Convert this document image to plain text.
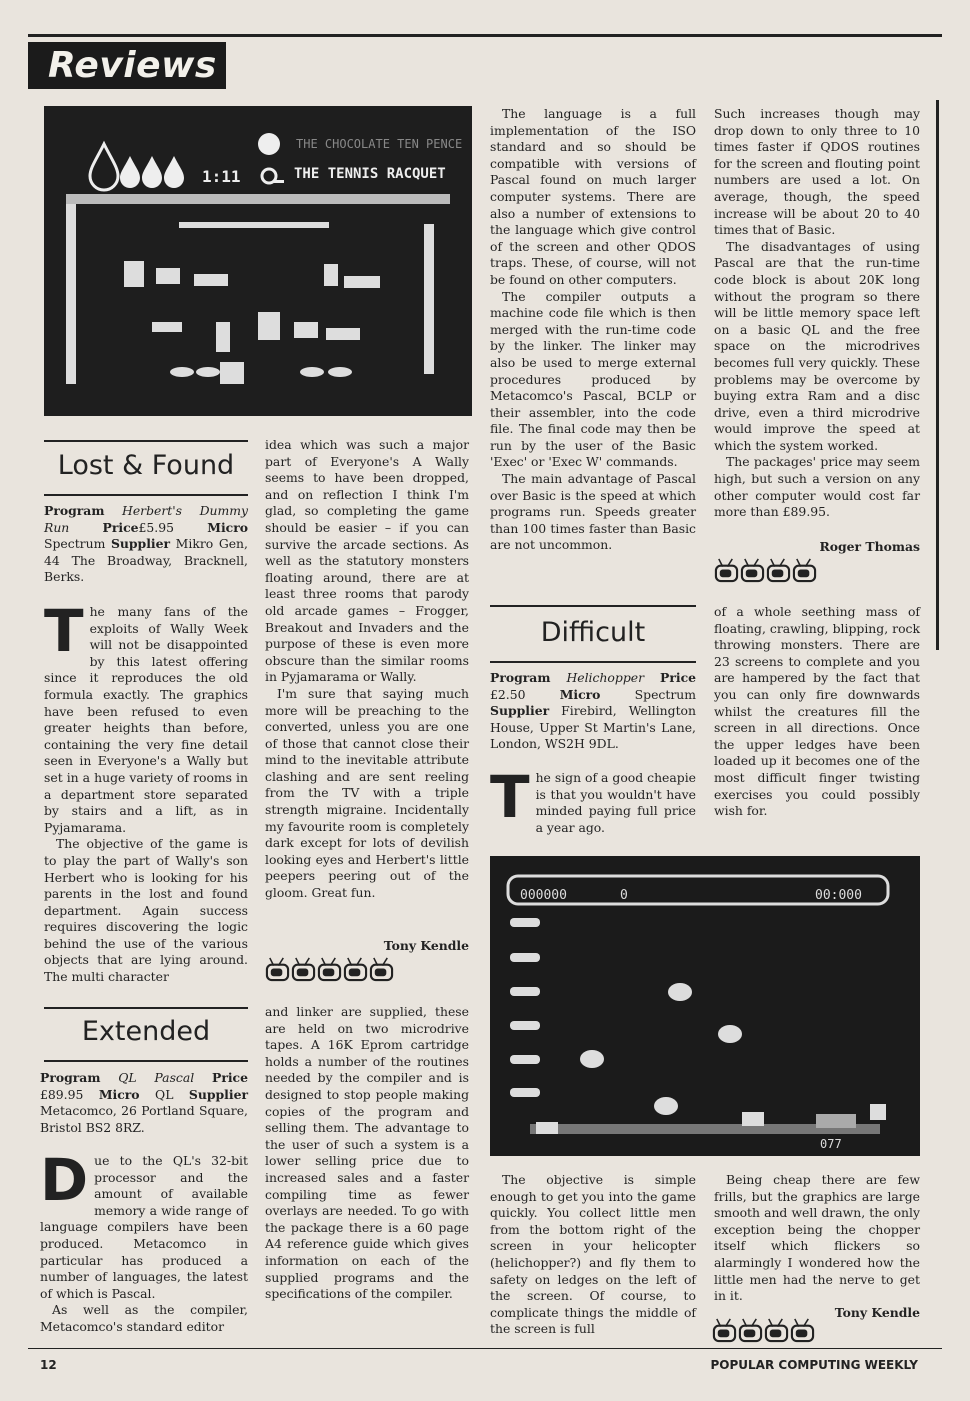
Reviews
1:11
THE CHOCOLATE TEN PENCE
THE TENNIS RACQUET
Lost & Found
Program Herbert's Dummy Run	Price£5.95	Micro Spectrum Supplier Mikro Gen, 44 The Broadway, Bracknell, Berks.

The many fans of the exploits of Wally Week will not be disappointed by this latest offering since it reproduces the old formula exactly. The graphics have been refused to even greater heights than before, containing the very fine detail seen in Everyone's a Wally but set in a huge variety of rooms in a department store separated by stairs and a lift, as in Pyjamarama.

The objective of the game is to play the part of Wally's son Herbert who is looking for his parents in the lost and found department. Again success requires discovering the logic behind the use of the various objects that are lying around. The multi character

idea which was such a major part of Everyone's A Wally seems to have been dropped, and on reflection I think I'm glad, so completing the game should be easier – if you can survive the arcade sections. As well as the statutory monsters floating around, there are at least three rooms that parody old arcade games – Frogger, Breakout and Invaders and the purpose of these is even more obscure than the similar rooms in Pyjamarama or Wally.

I'm sure that saying much more will be preaching to the converted, unless you are one of those that cannot close their mind to the inevitable attribute clashing and are sent reeling from the TV with a triple strength migraine. Incidentally my favourite room is completely dark except for lots of devilish looking eyes and Herbert's little peepers peering out of the gloom. Great fun.

Tony Kendle
Extended
Program QL Pascal Price £89.95 Micro QL Supplier Metacomco, 26 Portland Square, Bristol BS2 8RZ.

Due to the QL's 32-bit processor and the amount of available memory a wide range of language compilers have been produced. Metacomco in particular has produced a number of languages, the latest of which is Pascal.

As well as the compiler, Metacomco's standard editor

and linker are supplied, these are held on two microdrive tapes. A 16K Eprom cartridge holds a number of the routines needed by the compiler and is designed to stop people making copies of the program and selling them. The advantage to the user of such a system is a lower selling price due to increased sales and a faster compiling time as fewer overlays are needed. To go with the package there is a 60 page A4 reference guide which gives information on each of the supplied programs and the specifications of the compiler.

The language is a full implementation of the ISO standard and so should be compatible with versions of Pascal found on much larger computer systems. There are also a number of extensions to the language which give control of the screen and other QDOS traps. These, of course, will not be found on other computers.

The compiler outputs a machine code file which is then merged with the run-time code by the linker. The linker may also be used to merge external procedures produced by Metacomco's Pascal, BCLP or their assembler, into the code file. The final code may then be run by the user of the Basic 'Exec' or 'Exec W' commands.

The main advantage of Pascal over Basic is the speed at which programs run. Speeds greater than 100 times faster than Basic are not uncommon.

Such increases though may drop down to only three to 10 times faster if QDOS routines for the screen and flouting point numbers are used a lot. On average, though, the speed increase will be about 20 to 40 times that of Basic.

The disadvantages of using Pascal are that the run-time code block is about 20K long without the program so there will be little memory space left on a basic QL and the free space on the microdrives becomes full very quickly. These problems may be overcome by buying extra Ram and a disc drive, even a third microdrive would improve the speed at which the system worked.

The packages' price may seem high, but such a version on any other computer would cost far more than £89.95.

Roger Thomas
Difficult
Program Helichopper Price £2.50	Micro	Spectrum Supplier Firebird, Wellington House, Upper St Martin's Lane, London, WS2H 9DL.

The sign of a good cheapie is that you wouldn't have minded paying full price a year ago.

of a whole seething mass of floating, crawling, blipping, rock throwing monsters. There are 23 screens to complete and you are hampered by the fact that you can only fire downwards whilst the creatures fill the screen in all directions. Once the upper ledges have been loaded up it becomes one of the most difficult finger twisting exercises you could possibly wish for.

000000	0	00:000
077

The objective is simple enough to get you into the game quickly. You collect little men from the bottom right of the screen in your helicopter (helichopper?) and fly them to safety on ledges on the left of the screen. Of course, to complicate things the middle of the screen is full

Being cheap there are few frills, but the graphics are large smooth and well drawn, the only exception being the chopper itself which flickers so alarmingly I wondered how the little men had the nerve to get in it.

Tony Kendle
12	POPULAR COMPUTING WEEKLY
